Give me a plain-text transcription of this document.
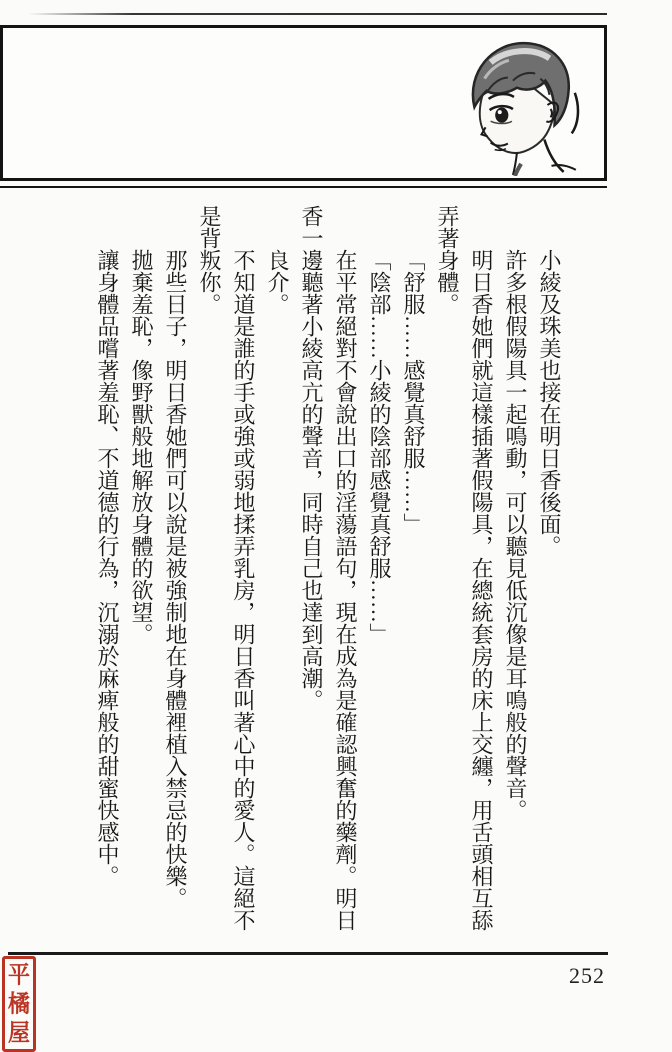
小綾及珠美也接在明日香後面。

許多根假陽具一起鳴動，可以聽見低沉像是耳鳴般的聲音。

明日香她們就這樣插著假陽具，在總統套房的床上交纏，用舌頭相互舔弄著身體。

「舒服……感覺真舒服……」

「陰部……小綾的陰部感覺真舒服……」

在平常絕對不會說出口的淫蕩語句，現在成為是確認興奮的藥劑。明日香一邊聽著小綾高亢的聲音，同時自己也達到高潮。

良介。

不知道是誰的手或強或弱地揉弄乳房，明日香叫著心中的愛人。這絕不是背叛你。

那些日子，明日香她們可以說是被強制地在身體裡植入禁忌的快樂。

拋棄羞恥，像野獸般地解放身體的欲望。

讓身體品嚐著羞恥、不道德的行為，沉溺於麻痺般的甜蜜快感中。

252
平
橘
屋
